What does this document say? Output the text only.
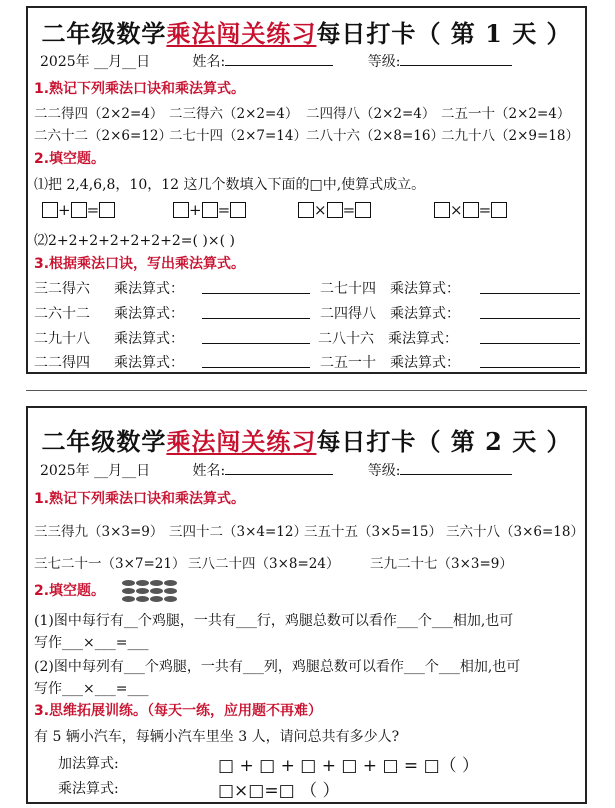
二年级数学乘法闯关练习每日打卡（ 第 1 天 ）
2025年 __月__日	姓名:	等级:
1.熟记下列乘法口诀和乘法算式。
二二得四（2×2=4） 二三得六（2×2=4） 二四得八（2×2=4） 二五一十（2×2=4）
二六十二（2×6=12）
二七十四（2×7=14） 二八十六（2×8=16）
二九十八（2×9=18）
2.填空题。
⑴把 2,4,6,8，10，12 这几个数填入下面的□中,使算式成立。
+ =	+ =	× =	× =
⑵2+2+2+2+2+2+2=( )×( )
3.根据乘法口诀，写出乘法算式。
三二得六 乘法算式：	二七十四 乘法算式：
二六十二 乘法算式：	二四得八 乘法算式：
二九十八 乘法算式：	二八十六 乘法算式：
二二得四 乘法算式：	二五一十 乘法算式：
二年级数学乘法闯关练习每日打卡（ 第 2 天 ）
2025年 __月__日	姓名:	等级:
1.熟记下列乘法口诀和乘法算式。
三三得九（3×3=9） 三四十二（3×4=12）
三五十五（3×5=15） 三六十八（3×6=18）
三七二十一（3×7=21） 三八二十四（3×8=24） 三九二十七（3×3=9）
2.填空题。
(1)图中每行有__个鸡腿，一共有___行，鸡腿总数可以看作___个___相加,也可
写作___×___=___
(2)图中每列有___个鸡腿，一共有___列，鸡腿总数可以看作___个___相加,也可
写作___×___=___
3.思维拓展训练。（每天一练，应用题不再难）
有 5 辆小汽车，每辆小汽车里坐 3 人，请问总共有多少人?
加法算式:	□ + □ + □ + □ + □ = □（ ）
乘法算式:	□×□=□ （ ）
